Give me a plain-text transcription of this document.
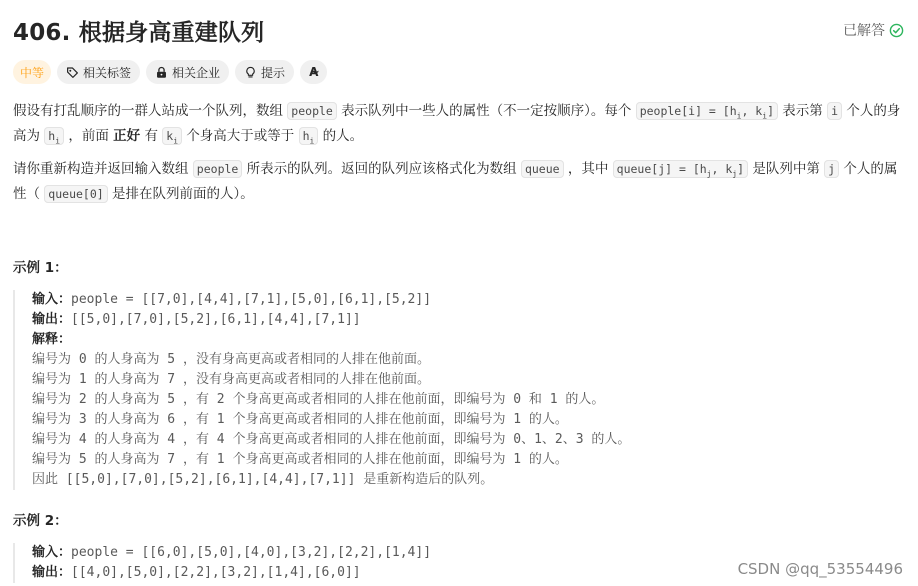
406. 根据身高重建队列	已解答
中等	相关标签	相关企业	提示 A̴
假设有打乱顺序的一群人站成一个队列，数组 people 表示队列中一些人的属性（不一定按顺序）。每个 people[i] = [$h_i$, $k_i$] 表示第 i 个人的身高为 $h_i$ ，前面 正好 有 $k_i$ 个身高大于或等于 $h_i$ 的人。
请你重新构造并返回输入数组 people 所表示的队列。返回的队列应该格式化为数组 queue ，其中 queue[j] = [$h_j$, $k_j$] 是队列中第 j 个人的属性（ queue[0] 是排在队列前面的人）。
示例 1：
输入：people = [[7,0],[4,4],[7,1],[5,0],[6,1],[5,2]]
输出：[[5,0],[7,0],[5,2],[6,1],[4,4],[7,1]]
解释：
编号为 0 的人身高为 5 ，没有身高更高或者相同的人排在他前面。
编号为 1 的人身高为 7 ，没有身高更高或者相同的人排在他前面。
编号为 2 的人身高为 5 ，有 2 个身高更高或者相同的人排在他前面，即编号为 0 和 1 的人。
编号为 3 的人身高为 6 ，有 1 个身高更高或者相同的人排在他前面，即编号为 1 的人。
编号为 4 的人身高为 4 ，有 4 个身高更高或者相同的人排在他前面，即编号为 0、1、2、3 的人。
编号为 5 的人身高为 7 ，有 1 个身高更高或者相同的人排在他前面，即编号为 1 的人。
因此 [[5,0],[7,0],[5,2],[6,1],[4,4],[7,1]] 是重新构造后的队列。
示例 2：
输入：people = [[6,0],[5,0],[4,0],[3,2],[2,2],[1,4]]
输出：[[4,0],[5,0],[2,2],[3,2],[1,4],[6,0]]	CSDN @qq_53554496
